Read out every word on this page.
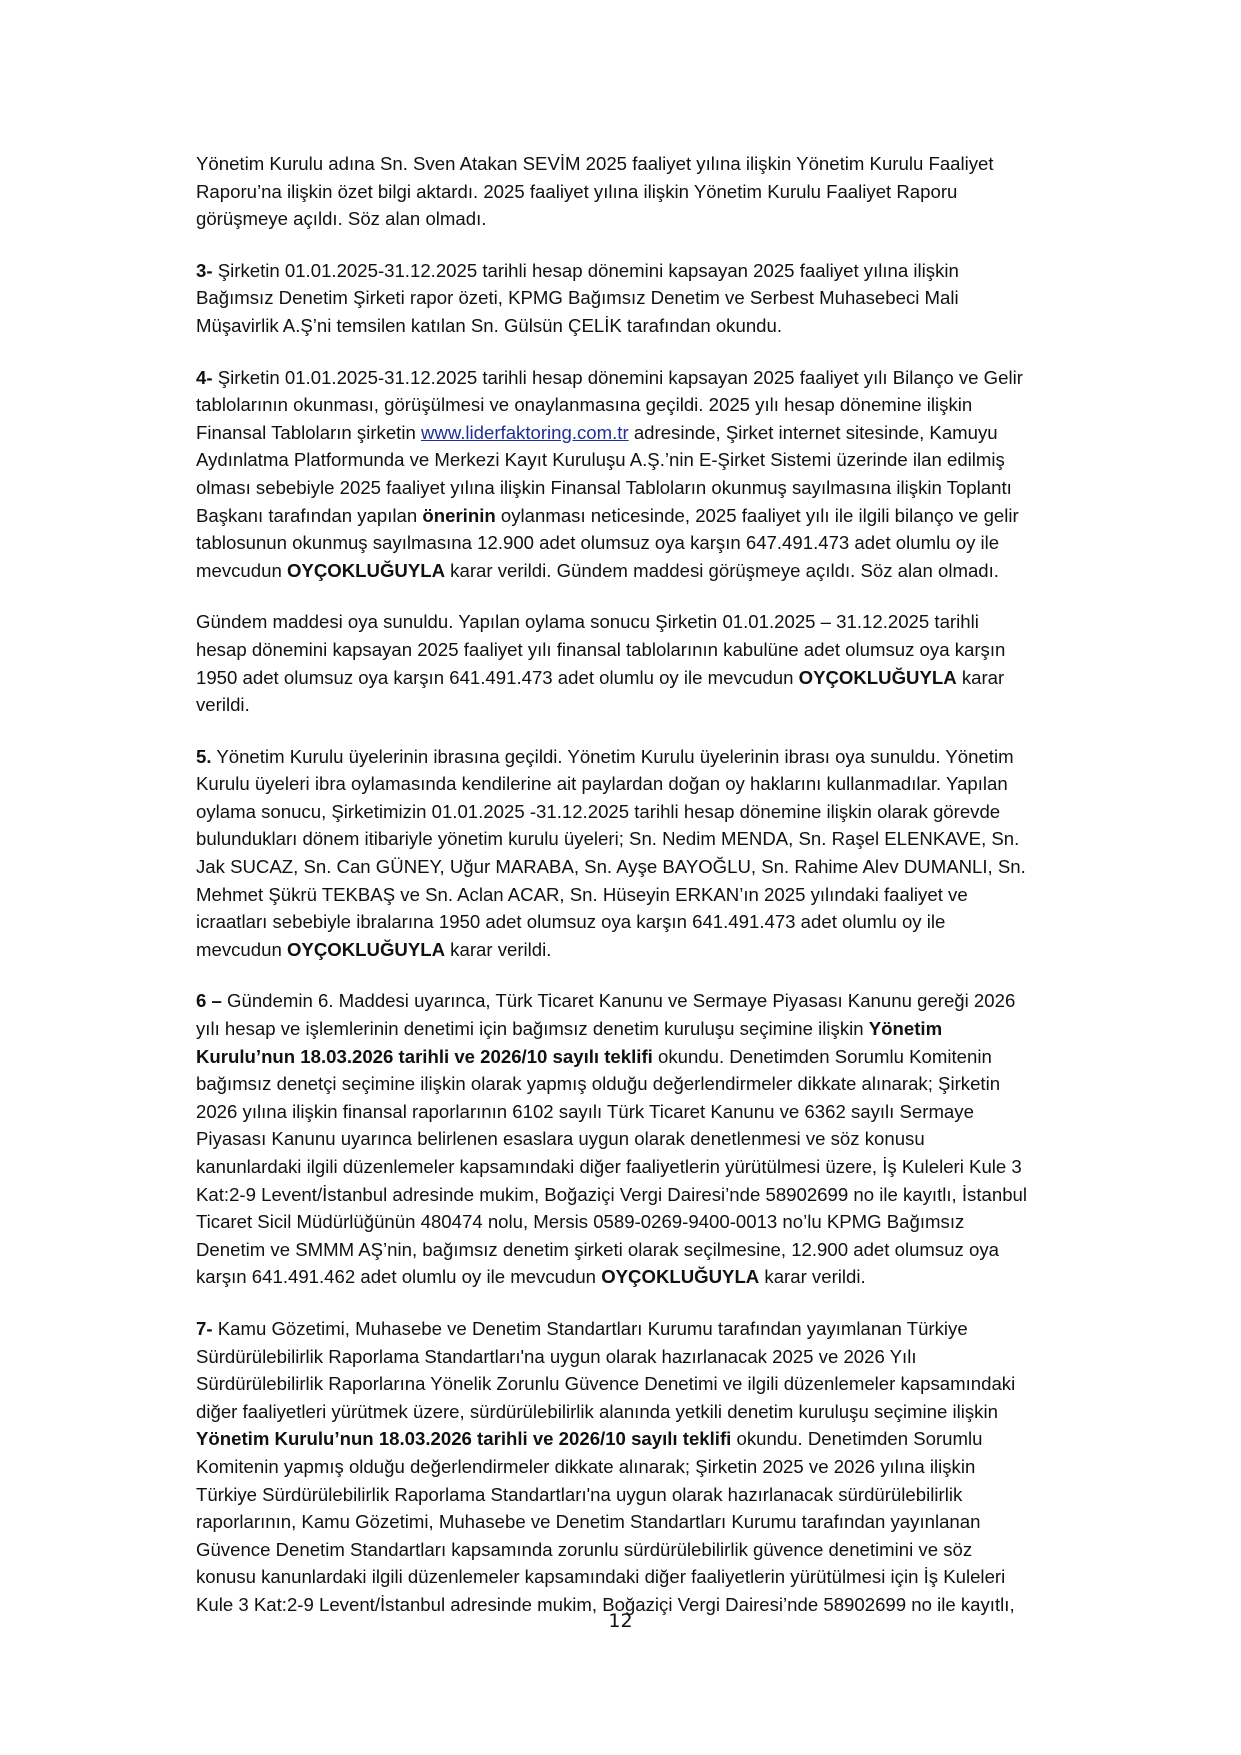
Yönetim Kurulu adına Sn. Sven Atakan SEVİM 2025 faaliyet yılına ilişkin Yönetim Kurulu Faaliyet
Raporu’na ilişkin özet bilgi aktardı. 2025 faaliyet yılına ilişkin Yönetim Kurulu Faaliyet Raporu
görüşmeye açıldı. Söz alan olmadı.

3- Şirketin 01.01.2025-31.12.2025 tarihli hesap dönemini kapsayan 2025 faaliyet yılına ilişkin
Bağımsız Denetim Şirketi rapor özeti, KPMG Bağımsız Denetim ve Serbest Muhasebeci Mali
Müşavirlik A.Ş’ni temsilen katılan Sn. Gülsün ÇELİK tarafından okundu.

4- Şirketin 01.01.2025-31.12.2025 tarihli hesap dönemini kapsayan 2025 faaliyet yılı Bilanço ve Gelir
tablolarının okunması, görüşülmesi ve onaylanmasına geçildi. 2025 yılı hesap dönemine ilişkin
Finansal Tabloların şirketin www.liderfaktoring.com.tr adresinde, Şirket internet sitesinde, Kamuyu
Aydınlatma Platformunda ve Merkezi Kayıt Kuruluşu A.Ş.’nin E-Şirket Sistemi üzerinde ilan edilmiş
olması sebebiyle 2025 faaliyet yılına ilişkin Finansal Tabloların okunmuş sayılmasına ilişkin Toplantı
Başkanı tarafından yapılan önerinin oylanması neticesinde, 2025 faaliyet yılı ile ilgili bilanço ve gelir
tablosunun okunmuş sayılmasına 12.900 adet olumsuz oya karşın 647.491.473 adet olumlu oy ile
mevcudun OYÇOKLUĞUYLA karar verildi. Gündem maddesi görüşmeye açıldı. Söz alan olmadı.

Gündem maddesi oya sunuldu. Yapılan oylama sonucu Şirketin 01.01.2025 – 31.12.2025 tarihli
hesap dönemini kapsayan 2025 faaliyet yılı finansal tablolarının kabulüne adet olumsuz oya karşın
1950 adet olumsuz oya karşın 641.491.473 adet olumlu oy ile mevcudun OYÇOKLUĞUYLA karar
verildi.

5. Yönetim Kurulu üyelerinin ibrasına geçildi. Yönetim Kurulu üyelerinin ibrası oya sunuldu. Yönetim
Kurulu üyeleri ibra oylamasında kendilerine ait paylardan doğan oy haklarını kullanmadılar. Yapılan
oylama sonucu, Şirketimizin 01.01.2025 -31.12.2025 tarihli hesap dönemine ilişkin olarak görevde
bulundukları dönem itibariyle yönetim kurulu üyeleri; Sn. Nedim MENDA, Sn. Raşel ELENKAVE, Sn.
Jak SUCAZ, Sn. Can GÜNEY, Uğur MARABA, Sn. Ayşe BAYOĞLU, Sn. Rahime Alev DUMANLI, Sn.
Mehmet Şükrü TEKBAŞ ve Sn. Aclan ACAR, Sn. Hüseyin ERKAN’ın 2025 yılındaki faaliyet ve
icraatları sebebiyle ibralarına 1950 adet olumsuz oya karşın 641.491.473 adet olumlu oy ile
mevcudun OYÇOKLUĞUYLA karar verildi.

6 – Gündemin 6. Maddesi uyarınca, Türk Ticaret Kanunu ve Sermaye Piyasası Kanunu gereği 2026
yılı hesap ve işlemlerinin denetimi için bağımsız denetim kuruluşu seçimine ilişkin Yönetim
Kurulu’nun 18.03.2026 tarihli ve 2026/10 sayılı teklifi okundu. Denetimden Sorumlu Komitenin
bağımsız denetçi seçimine ilişkin olarak yapmış olduğu değerlendirmeler dikkate alınarak; Şirketin
2026 yılına ilişkin finansal raporlarının 6102 sayılı Türk Ticaret Kanunu ve 6362 sayılı Sermaye
Piyasası Kanunu uyarınca belirlenen esaslara uygun olarak denetlenmesi ve söz konusu
kanunlardaki ilgili düzenlemeler kapsamındaki diğer faaliyetlerin yürütülmesi üzere, İş Kuleleri Kule 3
Kat:2-9 Levent/İstanbul adresinde mukim, Boğaziçi Vergi Dairesi’nde 58902699 no ile kayıtlı, İstanbul
Ticaret Sicil Müdürlüğünün 480474 nolu, Mersis 0589-0269-9400-0013 no’lu KPMG Bağımsız
Denetim ve SMMM AŞ’nin, bağımsız denetim şirketi olarak seçilmesine, 12.900 adet olumsuz oya
karşın 641.491.462 adet olumlu oy ile mevcudun OYÇOKLUĞUYLA karar verildi.

7- Kamu Gözetimi, Muhasebe ve Denetim Standartları Kurumu tarafından yayımlanan Türkiye
Sürdürülebilirlik Raporlama Standartları'na uygun olarak hazırlanacak 2025 ve 2026 Yılı
Sürdürülebilirlik Raporlarına Yönelik Zorunlu Güvence Denetimi ve ilgili düzenlemeler kapsamındaki
diğer faaliyetleri yürütmek üzere, sürdürülebilirlik alanında yetkili denetim kuruluşu seçimine ilişkin
Yönetim Kurulu’nun 18.03.2026 tarihli ve 2026/10 sayılı teklifi okundu. Denetimden Sorumlu
Komitenin yapmış olduğu değerlendirmeler dikkate alınarak; Şirketin 2025 ve 2026 yılına ilişkin
Türkiye Sürdürülebilirlik Raporlama Standartları'na uygun olarak hazırlanacak sürdürülebilirlik
raporlarının, Kamu Gözetimi, Muhasebe ve Denetim Standartları Kurumu tarafından yayınlanan
Güvence Denetim Standartları kapsamında zorunlu sürdürülebilirlik güvence denetimini ve söz
konusu kanunlardaki ilgili düzenlemeler kapsamındaki diğer faaliyetlerin yürütülmesi için İş Kuleleri
Kule 3 Kat:2-9 Levent/İstanbul adresinde mukim, Boğaziçi Vergi Dairesi’nde 58902699 no ile kayıtlı,

12
